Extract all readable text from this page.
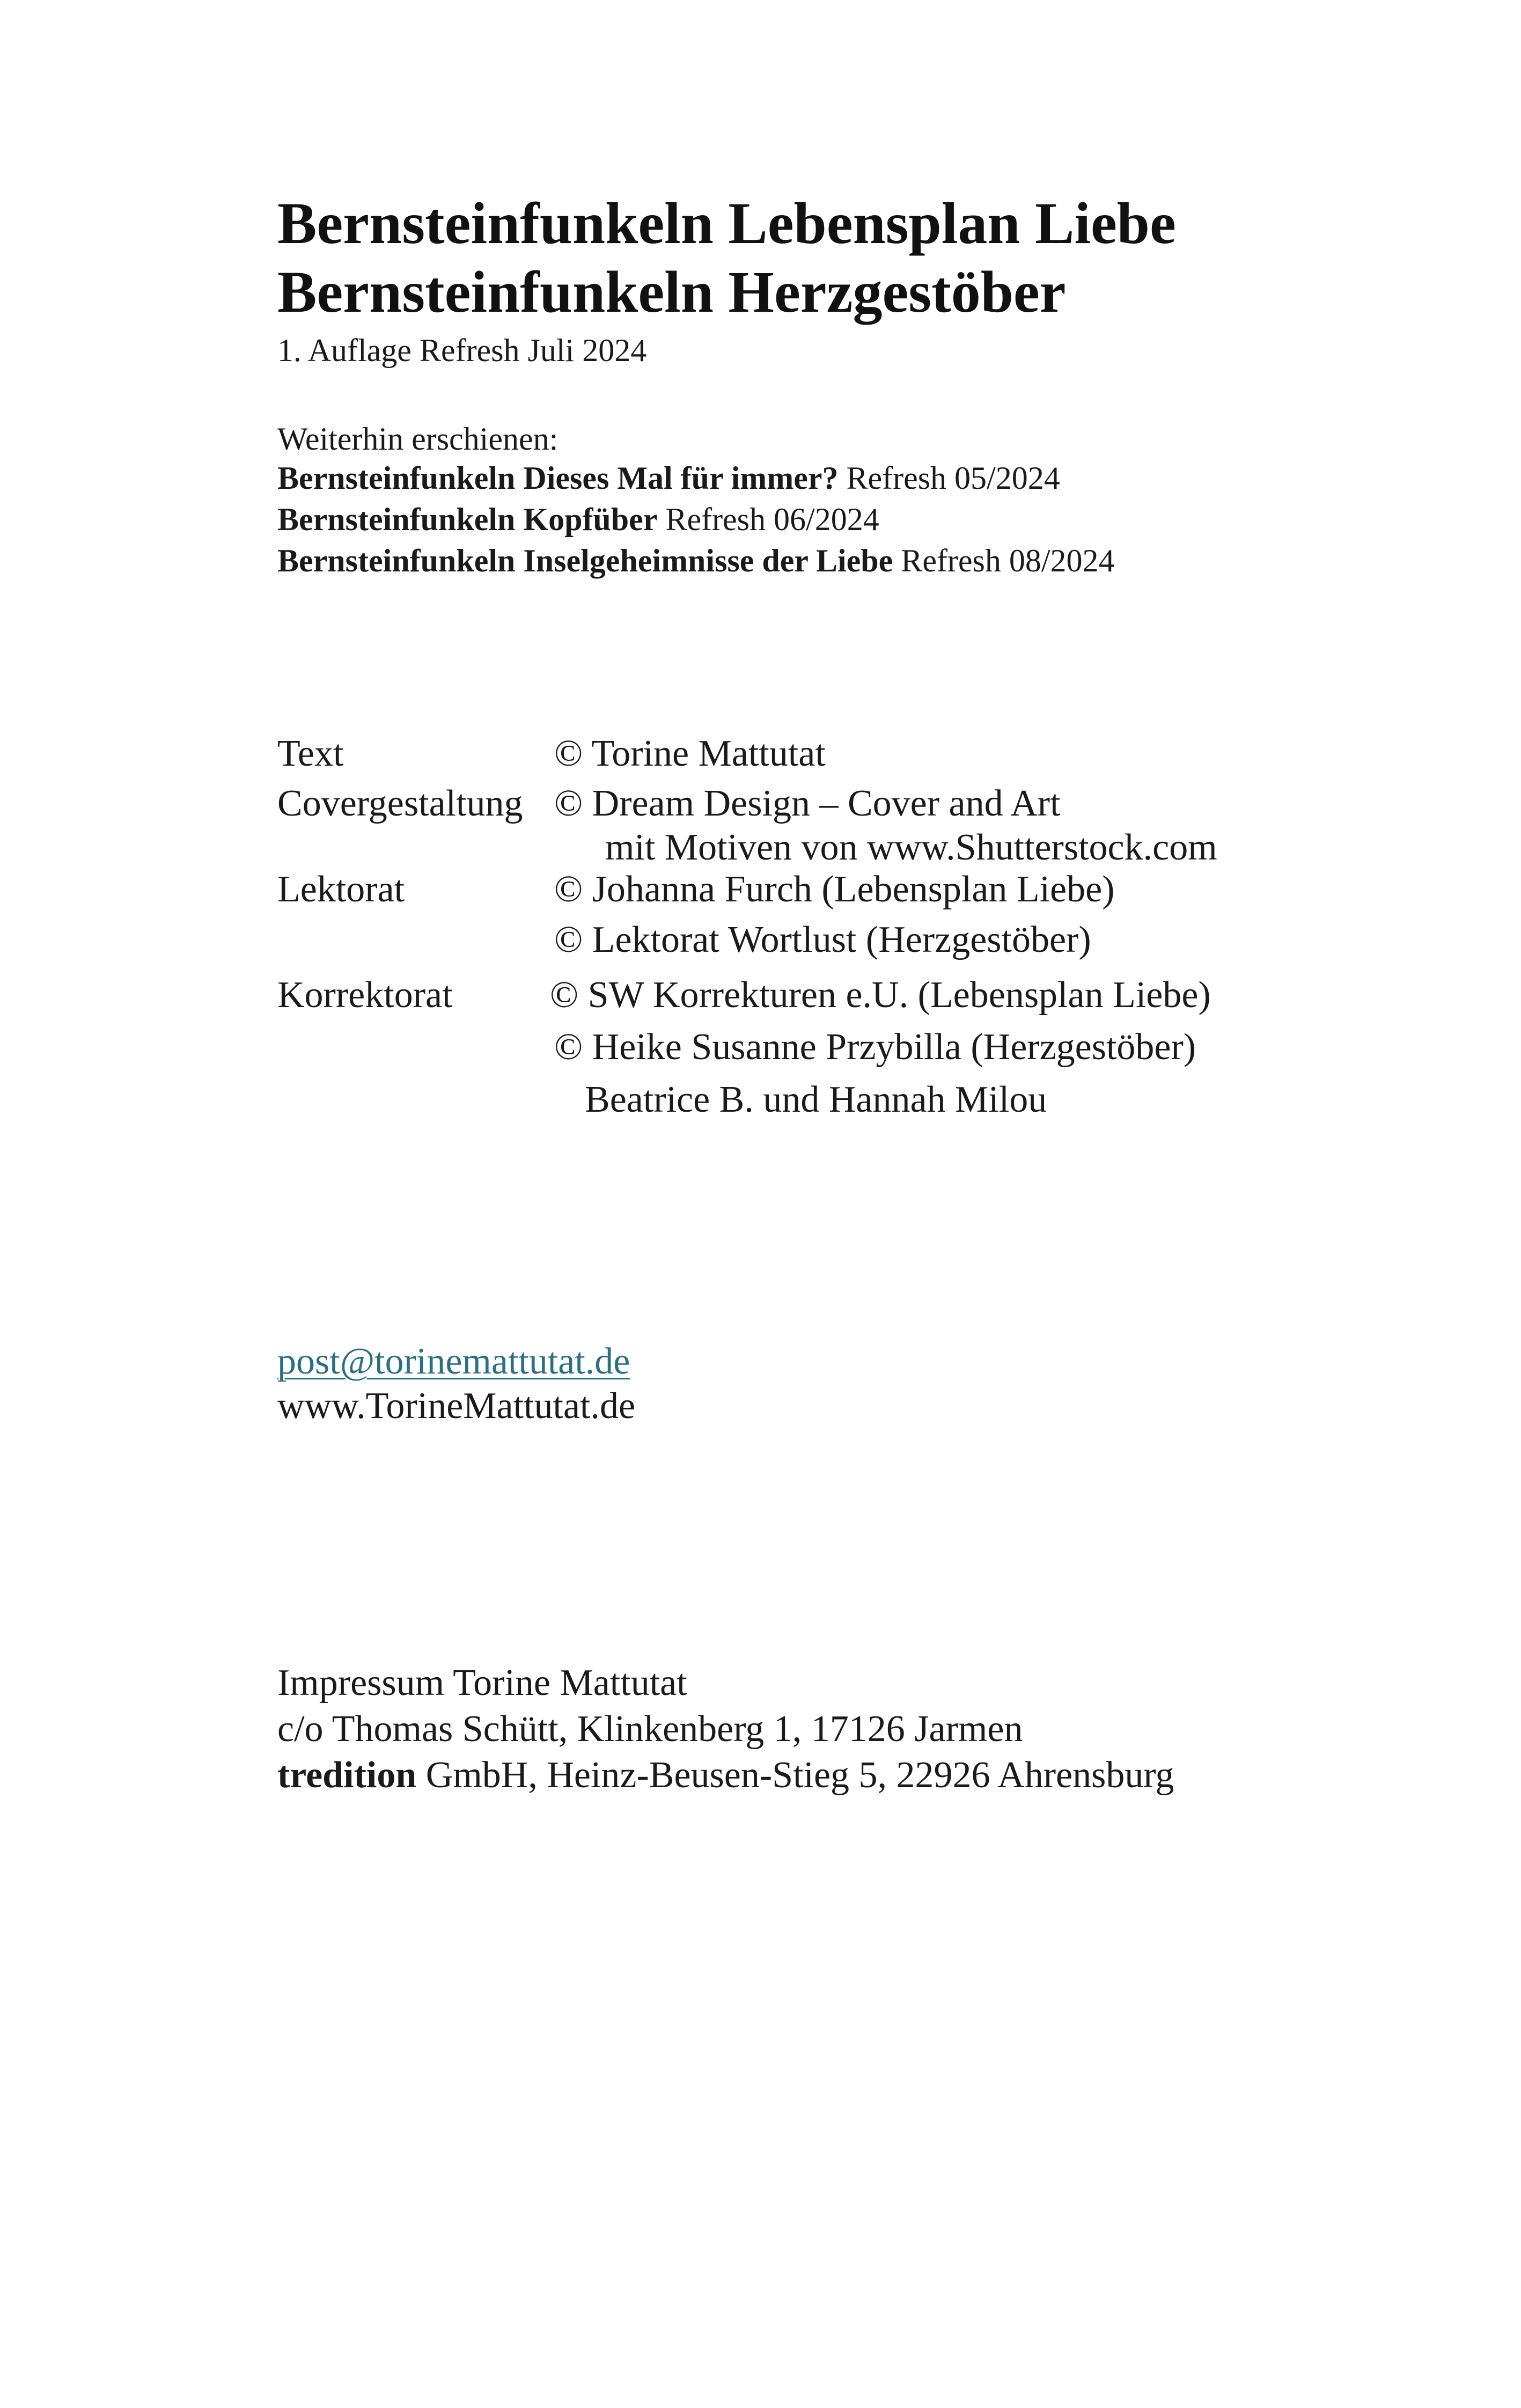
Bernsteinfunkeln Lebensplan Liebe
Bernsteinfunkeln Herzgestöber
1. Auflage Refresh Juli 2024
Weiterhin erschienen:
Bernsteinfunkeln Dieses Mal für immer? Refresh 05/2024
Bernsteinfunkeln Kopfüber Refresh 06/2024
Bernsteinfunkeln Inselgeheimnisse der Liebe Refresh 08/2024
Text	© Torine Mattutat
Covergestaltung © Dream Design – Cover and Art
mit Motiven von www.Shutterstock.com
Lektorat	© Johanna Furch (Lebensplan Liebe)
© Lektorat Wortlust (Herzgestöber)
Korrektorat	© SW Korrekturen e.U. (Lebensplan Liebe)
© Heike Susanne Przybilla (Herzgestöber)
Beatrice B. und Hannah Milou
post@torinemattutat.de
www.TorineMattutat.de
Impressum Torine Mattutat
c/o Thomas Schütt, Klinkenberg 1, 17126 Jarmen
tredition GmbH, Heinz-Beusen-Stieg 5, 22926 Ahrensburg
